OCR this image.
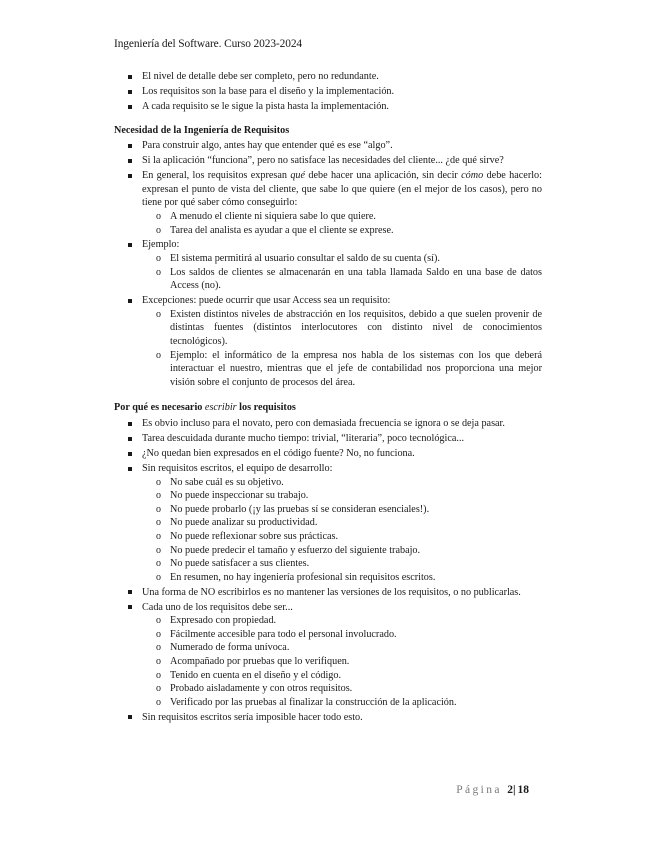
Ingeniería del Software. Curso 2023-2024
El nivel de detalle debe ser completo, pero no redundante.
Los requisitos son la base para el diseño y la implementación.
A cada requisito se le sigue la pista hasta la implementación.
Necesidad de la Ingeniería de Requisitos
Para construir algo, antes hay que entender qué es ese “algo”.
Si la aplicación “funciona”, pero no satisface las necesidades del cliente... ¿de qué sirve?
En general, los requisitos expresan qué debe hacer una aplicación, sin decir cómo debe hacerlo: expresan el punto de vista del cliente, que sabe lo que quiere (en el mejor de los casos), pero no tiene por qué saber cómo conseguirlo:
o A menudo el cliente ni siquiera sabe lo que quiere.
o Tarea del analista es ayudar a que el cliente se exprese.
Ejemplo:
o El sistema permitirá al usuario consultar el saldo de su cuenta (sí).
o Los saldos de clientes se almacenarán en una tabla llamada Saldo en una base de datos Access (no).
Excepciones: puede ocurrir que usar Access sea un requisito:
o Existen distintos niveles de abstracción en los requisitos, debido a que suelen provenir de distintas fuentes (distintos interlocutores con distinto nivel de conocimientos tecnológicos).
o Ejemplo: el informático de la empresa nos habla de los sistemas con los que deberá interactuar el nuestro, mientras que el jefe de contabilidad nos proporciona una mejor visión sobre el conjunto de procesos del área.
Por qué es necesario escribir los requisitos
Es obvio incluso para el novato, pero con demasiada frecuencia se ignora o se deja pasar.
Tarea descuidada durante mucho tiempo: trivial, “literaria”, poco tecnológica...
¿No quedan bien expresados en el código fuente? No, no funciona.
Sin requisitos escritos, el equipo de desarrollo:
o No sabe cuál es su objetivo.
o No puede inspeccionar su trabajo.
o No puede probarlo (¡y las pruebas sí se consideran esenciales!).
o No puede analizar su productividad.
o No puede reflexionar sobre sus prácticas.
o No puede predecir el tamaño y esfuerzo del siguiente trabajo.
o No puede satisfacer a sus clientes.
o En resumen, no hay ingeniería profesional sin requisitos escritos.
Una forma de NO escribirlos es no mantener las versiones de los requisitos, o no publicarlas.
Cada uno de los requisitos debe ser...
o Expresado con propiedad.
o Fácilmente accesible para todo el personal involucrado.
o Numerado de forma unívoca.
o Acompañado por pruebas que lo verifiquen.
o Tenido en cuenta en el diseño y el código.
o Probado aisladamente y con otros requisitos.
o Verificado por las pruebas al finalizar la construcción de la aplicación.
Sin requisitos escritos sería imposible hacer todo esto.
Página 2| 18
